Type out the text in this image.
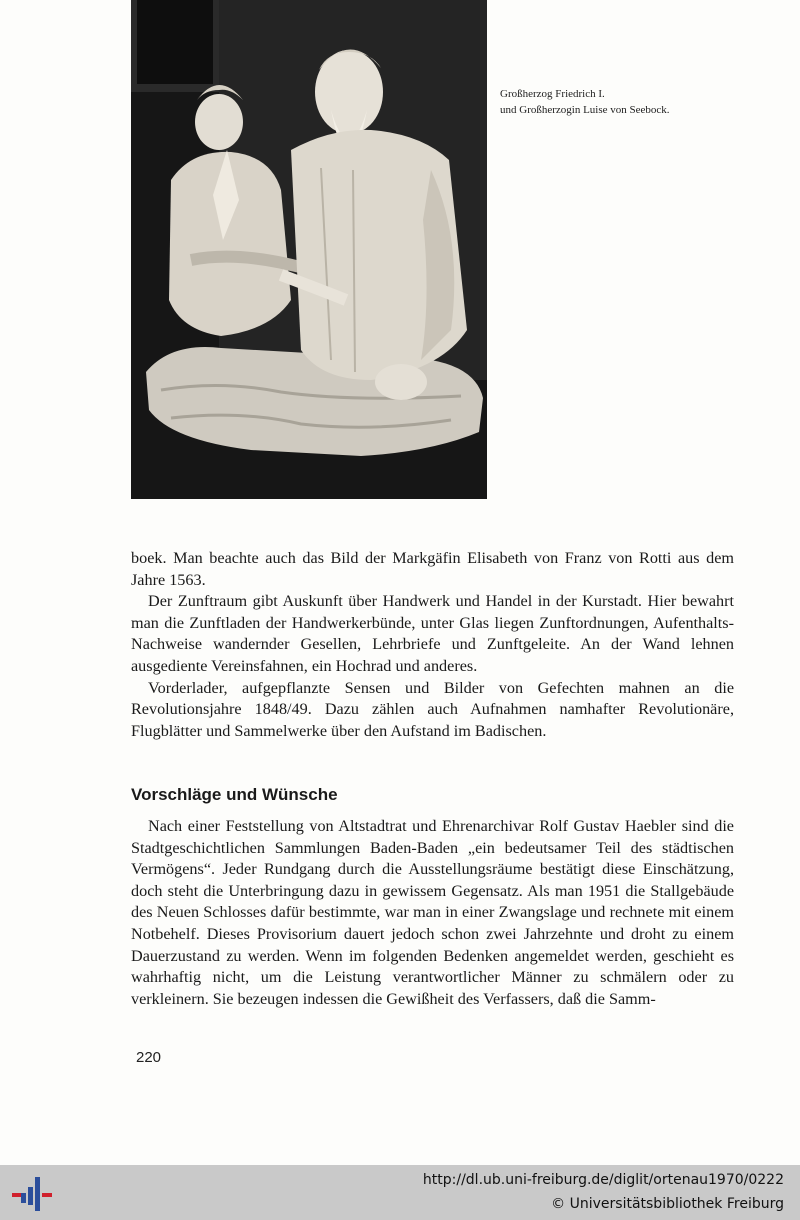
Großherzog Friedrich I.
und Großherzogin Luise von Seebock.

boek. Man beachte auch das Bild der Markgäfin Elisabeth von Franz von Rotti aus dem Jahre 1563.

Der Zunftraum gibt Auskunft über Handwerk und Handel in der Kurstadt. Hier bewahrt man die Zunftladen der Handwerkerbünde, unter Glas liegen Zunftordnungen, Aufenthalts-Nachweise wandernder Gesellen, Lehrbriefe und Zunftgeleite. An der Wand lehnen ausgediente Vereinsfahnen, ein Hochrad und anderes.

Vorderlader, aufgepflanzte Sensen und Bilder von Gefechten mahnen an die Revolutionsjahre 1848/49. Dazu zählen auch Aufnahmen namhafter Revolutionäre, Flugblätter und Sammelwerke über den Aufstand im Badischen.

Vorschläge und Wünsche

Nach einer Feststellung von Altstadtrat und Ehrenarchivar Rolf Gustav Haebler sind die Stadtgeschichtlichen Sammlungen Baden-Baden „ein bedeutsamer Teil des städtischen Vermögens“. Jeder Rundgang durch die Ausstellungsräume bestätigt diese Einschätzung, doch steht die Unterbringung dazu in gewissem Gegensatz. Als man 1951 die Stallgebäude des Neuen Schlosses dafür bestimmte, war man in einer Zwangslage und rechnete mit einem Notbehelf. Dieses Provisorium dauert jedoch schon zwei Jahrzehnte und droht zu einem Dauerzustand zu werden. Wenn im folgenden Bedenken angemeldet werden, geschieht es wahrhaftig nicht, um die Leistung verantwortlicher Männer zu schmälern oder zu verkleinern. Sie bezeugen indessen die Gewißheit des Verfassers, daß die Samm-

220
http://dl.ub.uni-freiburg.de/diglit/ortenau1970/0222
© Universitätsbibliothek Freiburg
